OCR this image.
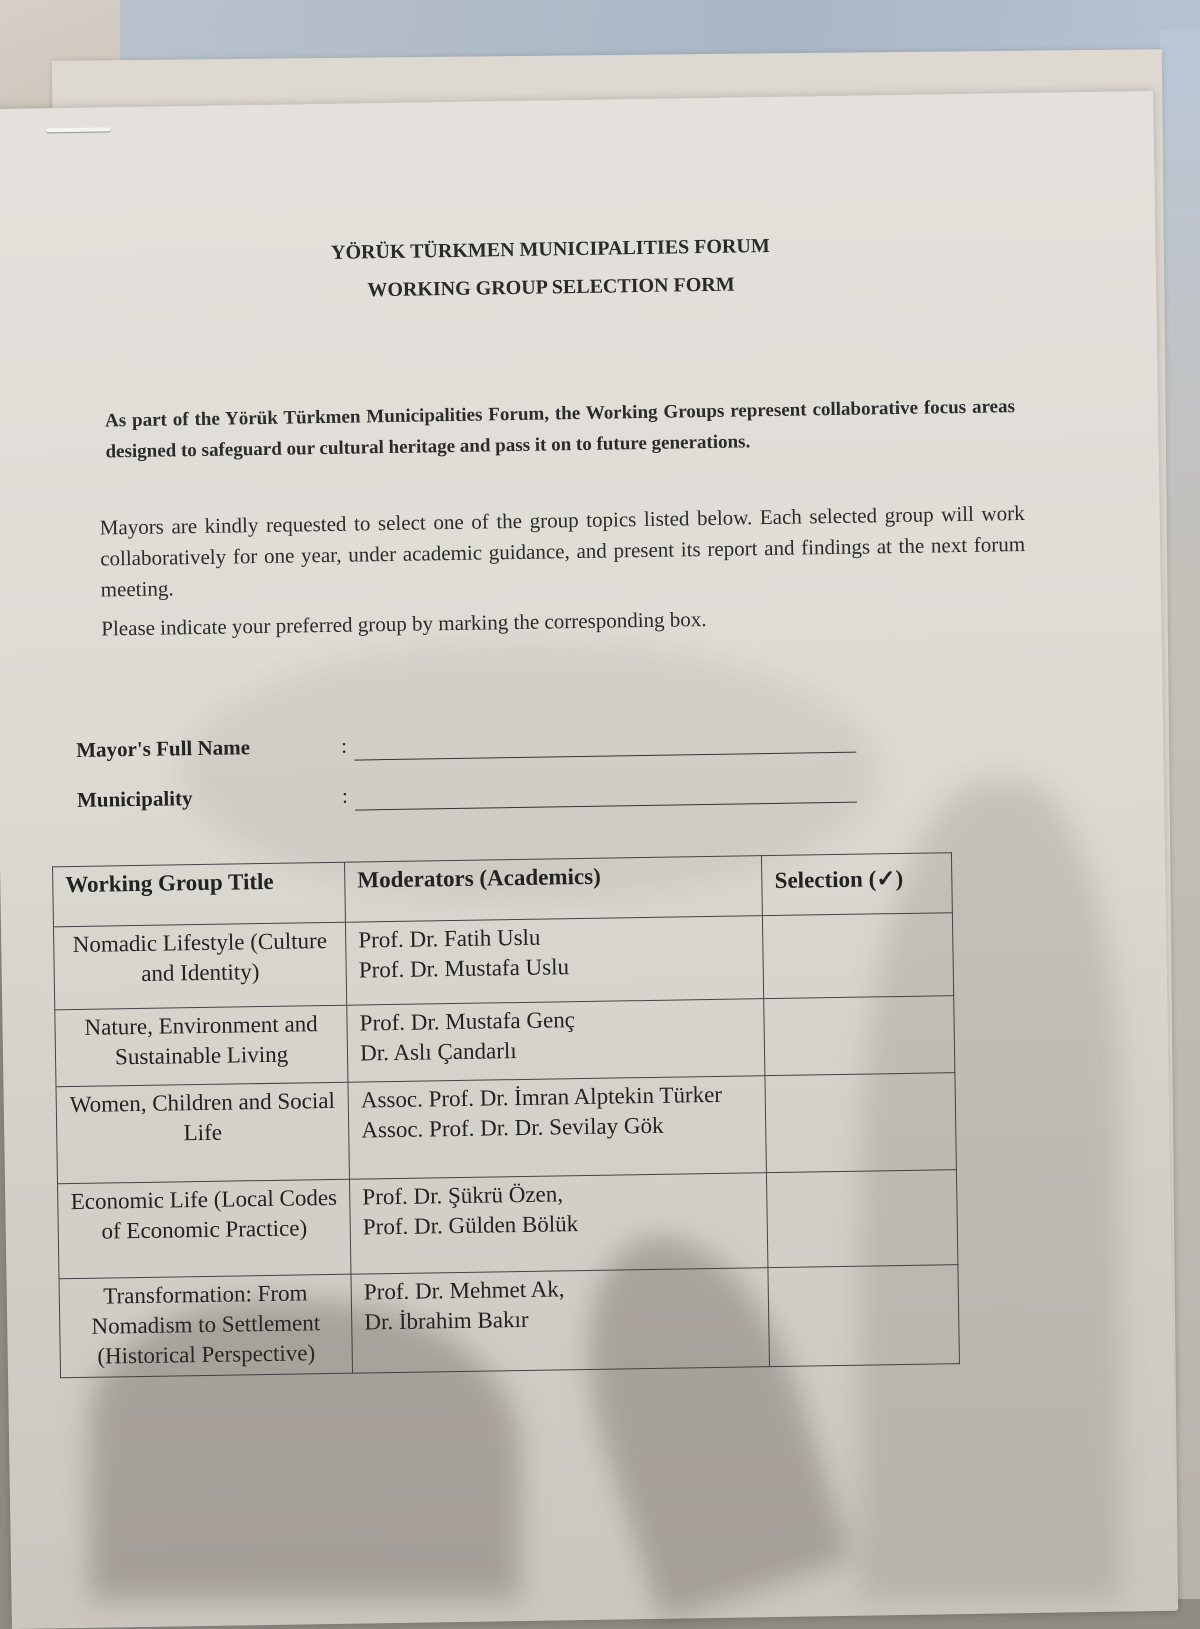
YÖRÜK TÜRKMEN MUNICIPALITIES FORUM
WORKING GROUP SELECTION FORM
As part of the Yörük Türkmen Municipalities Forum, the Working Groups represent collaborative focus areas designed to safeguard our cultural heritage and pass it on to future generations.
Mayors are kindly requested to select one of the group topics listed below. Each selected group will work collaboratively for one year, under academic guidance, and present its report and findings at the next forum meeting.
Please indicate your preferred group by marking the corresponding box.
Mayor's Full Name	:
Municipality	:
Working Group Title	Moderators (Academics)	Selection (✓)
Nomadic Lifestyle (Culture and Identity)	Prof. Dr. Fatih Uslu
Prof. Dr. Mustafa Uslu	

Nature, Environment and Sustainable Living	Prof. Dr. Mustafa Genç
Dr. Aslı Çandarlı	

Women, Children and Social Life	Assoc. Prof. Dr. İmran Alptekin Türker
Assoc. Prof. Dr. Dr. Sevilay Gök	

Economic Life (Local Codes of Economic Practice)	Prof. Dr. Şükrü Özen,
Prof. Dr. Gülden Bölük	

Transformation: From Nomadism to Settlement (Historical Perspective)	Prof. Dr. Mehmet Ak,
Dr. İbrahim Bakır	
